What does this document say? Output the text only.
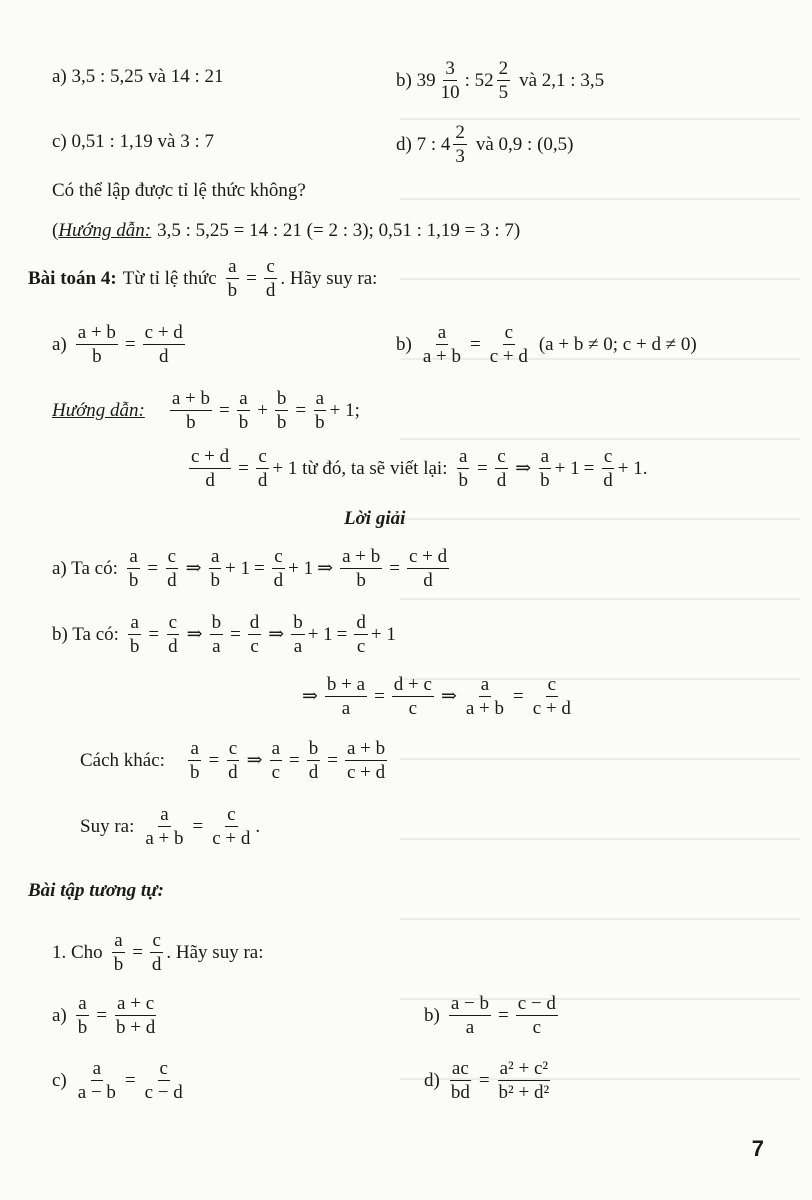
a) 3,5 : 5,25 và 14 : 21	b) $39 \frac{3}{10}$ : $52 \frac{2}{5}$ và 2,1 : 3,5
c) 0,51 : 1,19 và 3 : 7	d) 7 : $4 \frac{2}{3}$ và 0,9 : (0,5)
Có thể lập được tỉ lệ thức không?
( Hướng dẫn: 3,5 : 5,25 = 14 : 21 (= 2 : 3); 0,51 : 1,19 = 3 : 7)
Bài toán 4: Từ tỉ lệ thức $\frac{a}{b} = \frac{c}{d}$ . Hãy suy ra:
$a) \frac{a + b}{b} = \frac{c + d}{d}$	$b) \frac{a}{a + b} = \frac{c}{c + d} (a + b \ne 0$; c + d ≠ 0)
Hướng dẫn: $\frac{a + b}{b} = \frac{a}{b} + \frac{b}{b} = \frac{a}{b} + 1$ ;
$\frac{c + d}{d} = \frac{c}{d} + 1$ từ đó, ta sẽ viết lại: $\frac{a}{b} = \frac{c}{d}$ ⇒ $\frac{a}{b} + 1 = \frac{c}{d} + 1$.
Lời giải
a) Ta có: $\frac{a}{b} = \frac{c}{d}$ ⇒ $\frac{a}{b} + 1 = \frac{c}{d} + 1$ ⇒ $\frac{a + b}{b} = \frac{c + d}{d}$
b) Ta có: $\frac{a}{b} = \frac{c}{d}$ ⇒ $\frac{b}{a} = \frac{d}{c}$ ⇒ $\frac{b}{a} + 1 = \frac{d}{c} + 1$
⇒ $\frac{b + a}{a} = \frac{d + c}{c}$ ⇒ $\frac{a}{a + b} = \frac{c}{c + d}$
Cách khác: $\frac{a}{b} = \frac{c}{d}$ ⇒ $\frac{a}{c} = \frac{b}{d} = \frac{a + b}{c + d}$
Suy ra: $\frac{a}{a + b} = \frac{c}{c + d}$ .
Bài tập tương tự:
1. Cho $\frac{a}{b} = \frac{c}{d}$ . Hãy suy ra:
$a) \frac{a}{b} = \frac{a + c}{b + d}$	$b) \frac{a - b}{a} = \frac{c - d}{c}$
$c) \frac{a}{a - b} = \frac{c}{c - d}$	$d) \frac{ac}{bd} = \frac{\text{a² + c²}}{\text{b² + d²}}$
7
